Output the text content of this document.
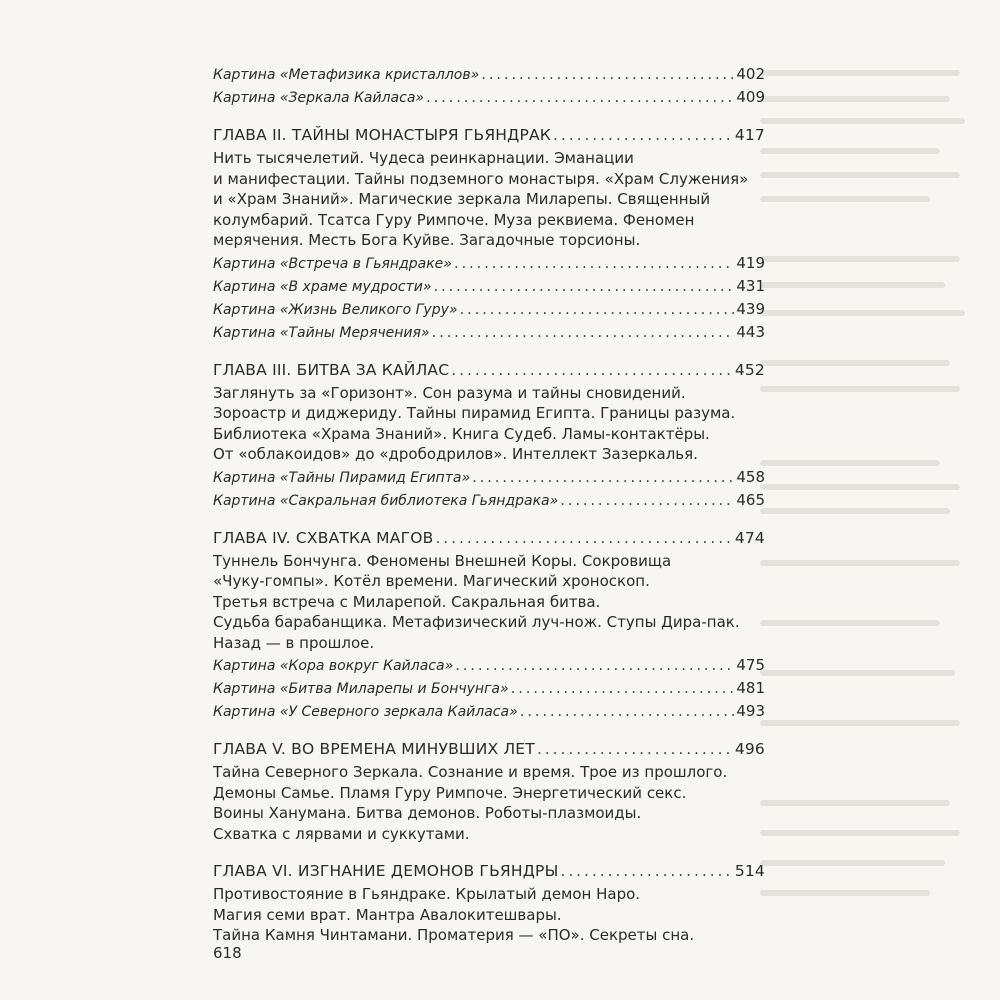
Картина «Метафизика кристаллов» . . .	402
Картина «Зеркала Кайласа» . . .	409
ГЛАВА II. ТАЙНЫ МОНАСТЫРЯ ГЬЯНДРАК . . .	417
Нить тысячелетий. Чудеса реинкарнации. Эманации
и манифестации. Тайны подземного монастыря. «Храм Служения»
и «Храм Знаний». Магические зеркала Миларепы. Священный
колумбарий. Тсатса Гуру Римпоче. Муза реквиема. Феномен
мерячения. Месть Бога Куйве. Загадочные торсионы.
Картина «Встреча в Гьяндраке» . . .	419
Картина «В храме мудрости» . . .	431
Картина «Жизнь Великого Гуру» . . .	439
Картина «Тайны Мерячения» . . .	443
ГЛАВА III. БИТВА ЗА КАЙЛАС . . .	452
Заглянуть за «Горизонт». Сон разума и тайны сновидений.
Зороастр и диджериду. Тайны пирамид Египта. Границы разума.
Библиотека «Храма Знаний». Книга Судеб. Ламы-контактёры.
От «облакоидов» до «дрободрилов». Интеллект Зазеркалья.
Картина «Тайны Пирамид Египта» . . .	458
Картина «Сакральная библиотека Гьяндрака» . . .	465
ГЛАВА IV. СХВАТКА МАГОВ . . .	474
Туннель Бончунга. Феномены Внешней Коры. Сокровища
«Чуку-гомпы». Котёл времени. Магический хроноскоп.
Третья встреча с Миларепой. Сакральная битва.
Судьба барабанщика. Метафизический луч-нож. Ступы Дира-пак.
Назад — в прошлое.
Картина «Кора вокруг Кайласа» . . .	475
Картина «Битва Миларепы и Бончунга» . . .	481
Картина «У Северного зеркала Кайласа» . . .	493
ГЛАВА V. ВО ВРЕМЕНА МИНУВШИХ ЛЕТ . . .	496
Тайна Северного Зеркала. Сознание и время. Трое из прошлого.
Демоны Самье. Пламя Гуру Римпоче. Энергетический секс.
Воины Ханумана. Битва демонов. Роботы-плазмоиды.
Схватка с лярвами и суккутами.
ГЛАВА VI. ИЗГНАНИЕ ДЕМОНОВ ГЬЯНДРЫ . . .	514
Противостояние в Гьяндраке. Крылатый демон Наро.
Магия семи врат. Мантра Авалокитешвары.
Тайна Камня Чинтамани. Проматерия — «ПО». Секреты сна.
618
